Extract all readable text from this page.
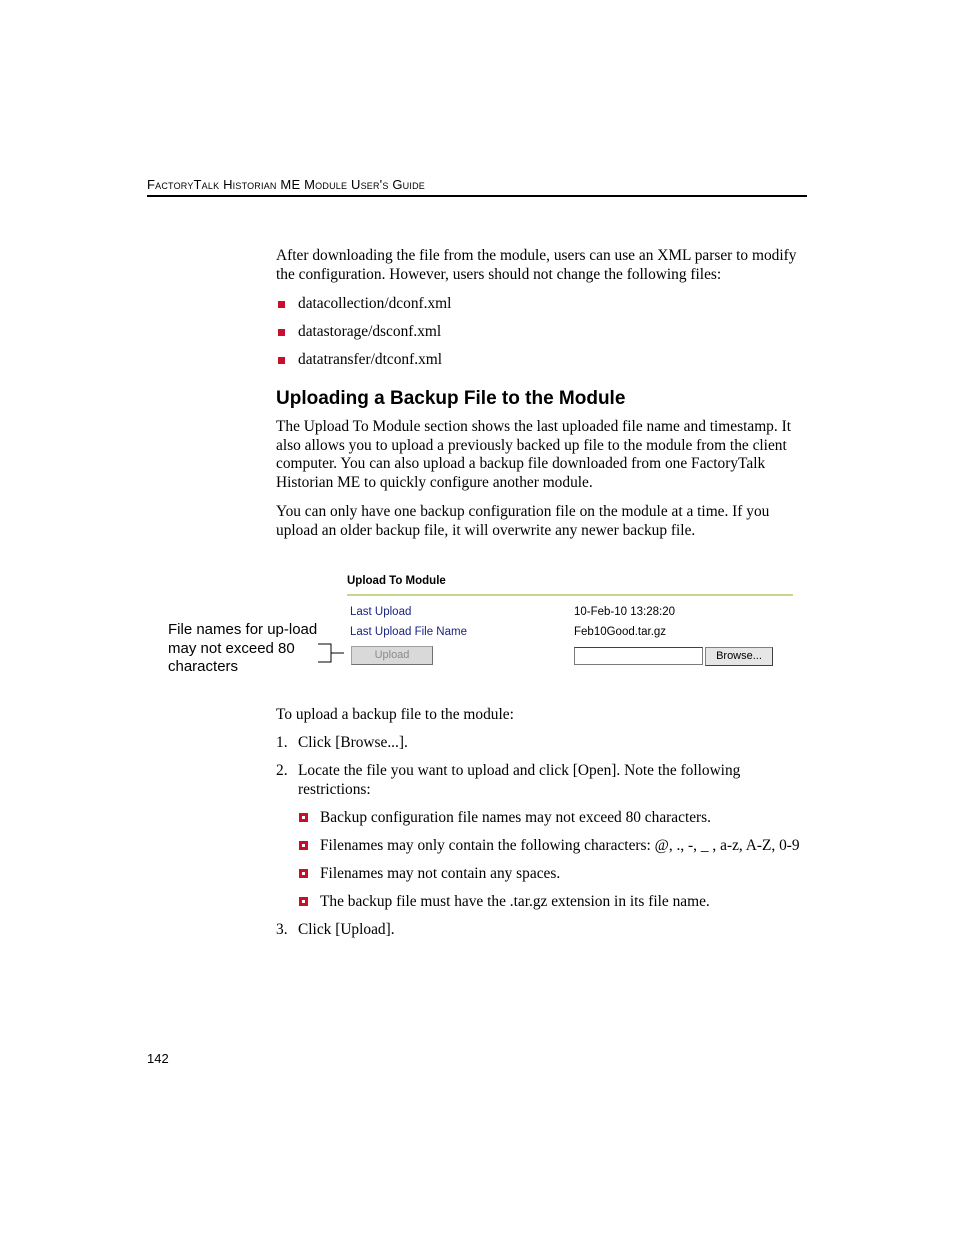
FactoryTalk Historian ME Module User's Guide
After downloading the file from the module, users can use an XML parser to modify the configuration. However, users should not change the following files:
datacollection/dconf.xml
datastorage/dsconf.xml
datatransfer/dtconf.xml
Uploading a Backup File to the Module
The Upload To Module section shows the last uploaded file name and timestamp. It also allows you to upload a previously backed up file to the module from the client computer. You can also upload a backup file downloaded from one FactoryTalk Historian ME to quickly configure another module.
You can only have one backup configuration file on the module at a time. If you upload an older backup file, it will overwrite any newer backup file.
Upload To Module
Last Upload	10-Feb-10 13:28:20
Last Upload File Name	Feb10Good.tar.gz
Upload	Browse...
File names for up-load may not exceed 80 characters
To upload a backup file to the module:
1. Click [Browse...].
2. Locate the file you want to upload and click [Open]. Note the following restrictions:
Backup configuration file names may not exceed 80 characters.
Filenames may only contain the following characters: @, ., -, _ , a-z, A-Z, 0-9
Filenames may not contain any spaces.
The backup file must have the .tar.gz extension in its file name.
3. Click [Upload].
142
